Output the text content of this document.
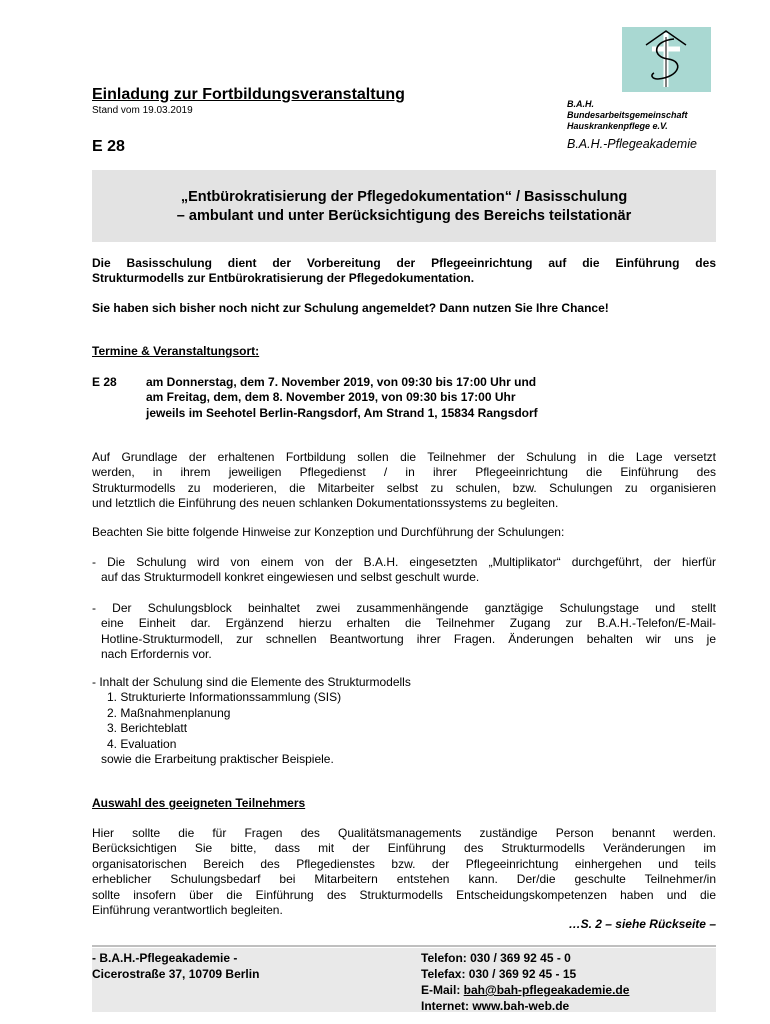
Einladung zur Fortbildungsveranstaltung
Stand vom 19.03.2019
E 28
B.A.H.
Bundesarbeitsgemeinschaft
Hauskrankenpflege e.V.
B.A.H.-Pflegeakademie
„Entbürokratisierung der Pflegedokumentation“ / Basisschulung
– ambulant und unter Berücksichtigung des Bereichs teilstationär
Die Basisschulung dient der Vorbereitung der Pflegeeinrichtung auf die Einführung des
Strukturmodells zur Entbürokratisierung der Pflegedokumentation.
Sie haben sich bisher noch nicht zur Schulung angemeldet? Dann nutzen Sie Ihre Chance!
Termine & Veranstaltungsort:
E 28	am Donnerstag, dem 7. November 2019, von 09:30 bis 17:00 Uhr und
am Freitag, dem, dem 8. November 2019, von 09:30 bis 17:00 Uhr
jeweils im Seehotel Berlin-Rangsdorf, Am Strand 1, 15834 Rangsdorf
Auf Grundlage der erhaltenen Fortbildung sollen die Teilnehmer der Schulung in die Lage versetzt
werden, in ihrem jeweiligen Pflegedienst / in ihrer Pflegeeinrichtung die Einführung des
Strukturmodells zu moderieren, die Mitarbeiter selbst zu schulen, bzw. Schulungen zu organisieren
und letztlich die Einführung des neuen schlanken Dokumentationssystems zu begleiten.
Beachten Sie bitte folgende Hinweise zur Konzeption und Durchführung der Schulungen:
- Die Schulung wird von einem von der B.A.H. eingesetzten „Multiplikator“ durchgeführt, der hierfür
auf das Strukturmodell konkret eingewiesen und selbst geschult wurde.
- Der Schulungsblock beinhaltet zwei zusammenhängende ganztägige Schulungstage und stellt
eine Einheit dar. Ergänzend hierzu erhalten die Teilnehmer Zugang zur B.A.H.-Telefon/E-Mail-
Hotline-Strukturmodell, zur schnellen Beantwortung ihrer Fragen. Änderungen behalten wir uns je
nach Erfordernis vor.
- Inhalt der Schulung sind die Elemente des Strukturmodells
1. Strukturierte Informationssammlung (SIS)
2. Maßnahmenplanung
3. Berichteblatt
4. Evaluation
sowie die Erarbeitung praktischer Beispiele.
Auswahl des geeigneten Teilnehmers
Hier sollte die für Fragen des Qualitätsmanagements zuständige Person benannt werden.
Berücksichtigen Sie bitte, dass mit der Einführung des Strukturmodells Veränderungen im
organisatorischen Bereich des Pflegedienstes bzw. der Pflegeeinrichtung einhergehen und teils
erheblicher Schulungsbedarf bei Mitarbeitern entstehen kann. Der/die geschulte Teilnehmer/in
sollte insofern über die Einführung des Strukturmodells Entscheidungskompetenzen haben und die
Einführung verantwortlich begleiten.
…S. 2 – siehe Rückseite –
- B.A.H.-Pflegeakademie -
Cicerostraße 37, 10709 Berlin
Telefon: 030 / 369 92 45 - 0
Telefax: 030 / 369 92 45 - 15
E-Mail: bah@bah-pflegeakademie.de
Internet: www.bah-web.de
